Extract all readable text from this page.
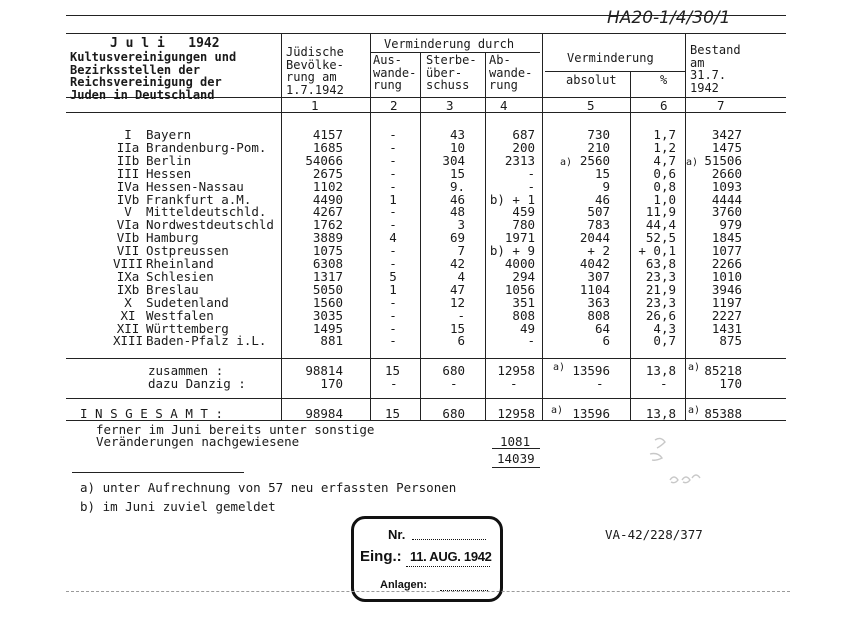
HA20-1/4/30/1
J u l i   1942
Kultusvereinigungen und
Bezirksstellen der
Reichsvereinigung der
Juden in Deutschland
Jüdische
Bevölke-
rung am
1.7.1942
Verminderung durch
Aus-
wande-
rung
Sterbe-
über-
schuss
Ab-
wande-
rung
Verminderung
absolut	%
Bestand
am
31.7.
1942
1	2	3	4	5	6	7
I	Bayern	4157	-	43	687	730	1,7	3427
IIa Brandenburg-Pom.	1685	-	10	200	210	1,2	1475
IIb Berlin	54066	-	304	2313	a) 2560	4,7 a) 51506
III Hessen	2675	-	15	-	15	0,6	2660
IVa Hessen-Nassau	1102	-	9.	-	9	0,8	1093
IVb Frankfurt a.M.	4490	1	46	b) + 1	46	1,0	4444
V	Mitteldeutschld.	4267	-	48	459	507	11,9	3760
VIa Nordwestdeutschld	1762	-	3	780	783	44,4	979
VIb Hamburg	3889	4	69	1971	2044	52,5	1845
VII Ostpreussen	1075	-	7	b) + 9	+ 2	+ 0,1	1077
VIII Rheinland	6308	-	42	4000	4042	63,8	2266
IXa Schlesien	1317	5	4	294	307	23,3	1010
IXb Breslau	5050	1	47	1056	1104	21,9	3946
X	Sudetenland	1560	-	12	351	363	23,3	1197
XI Westfalen	3035	-	-	808	808	26,6	2227
XII Württemberg	1495	-	15	49	64	4,3	1431
XIII Baden-Pfalz i.L.	881	-	6	-	6	0,7	875
zusammen :	98814	15	680	12958 a) 13596	13,8 a) 85218
dazu Danzig :	170	-	-	-	-	-	170
I N S G E S A M T :	98984	15	680	12958 a) 13596	13,8 a) 85388
ferner im Juni bereits unter sonstige
Veränderungen nachgewiesene	1081
14039
a) unter Aufrechnung von 57 neu erfassten Personen
b) im Juni zuviel gemeldet
Nr.
Eing.: 11. AUG. 1942
Anlagen:
VA-42/228/377
